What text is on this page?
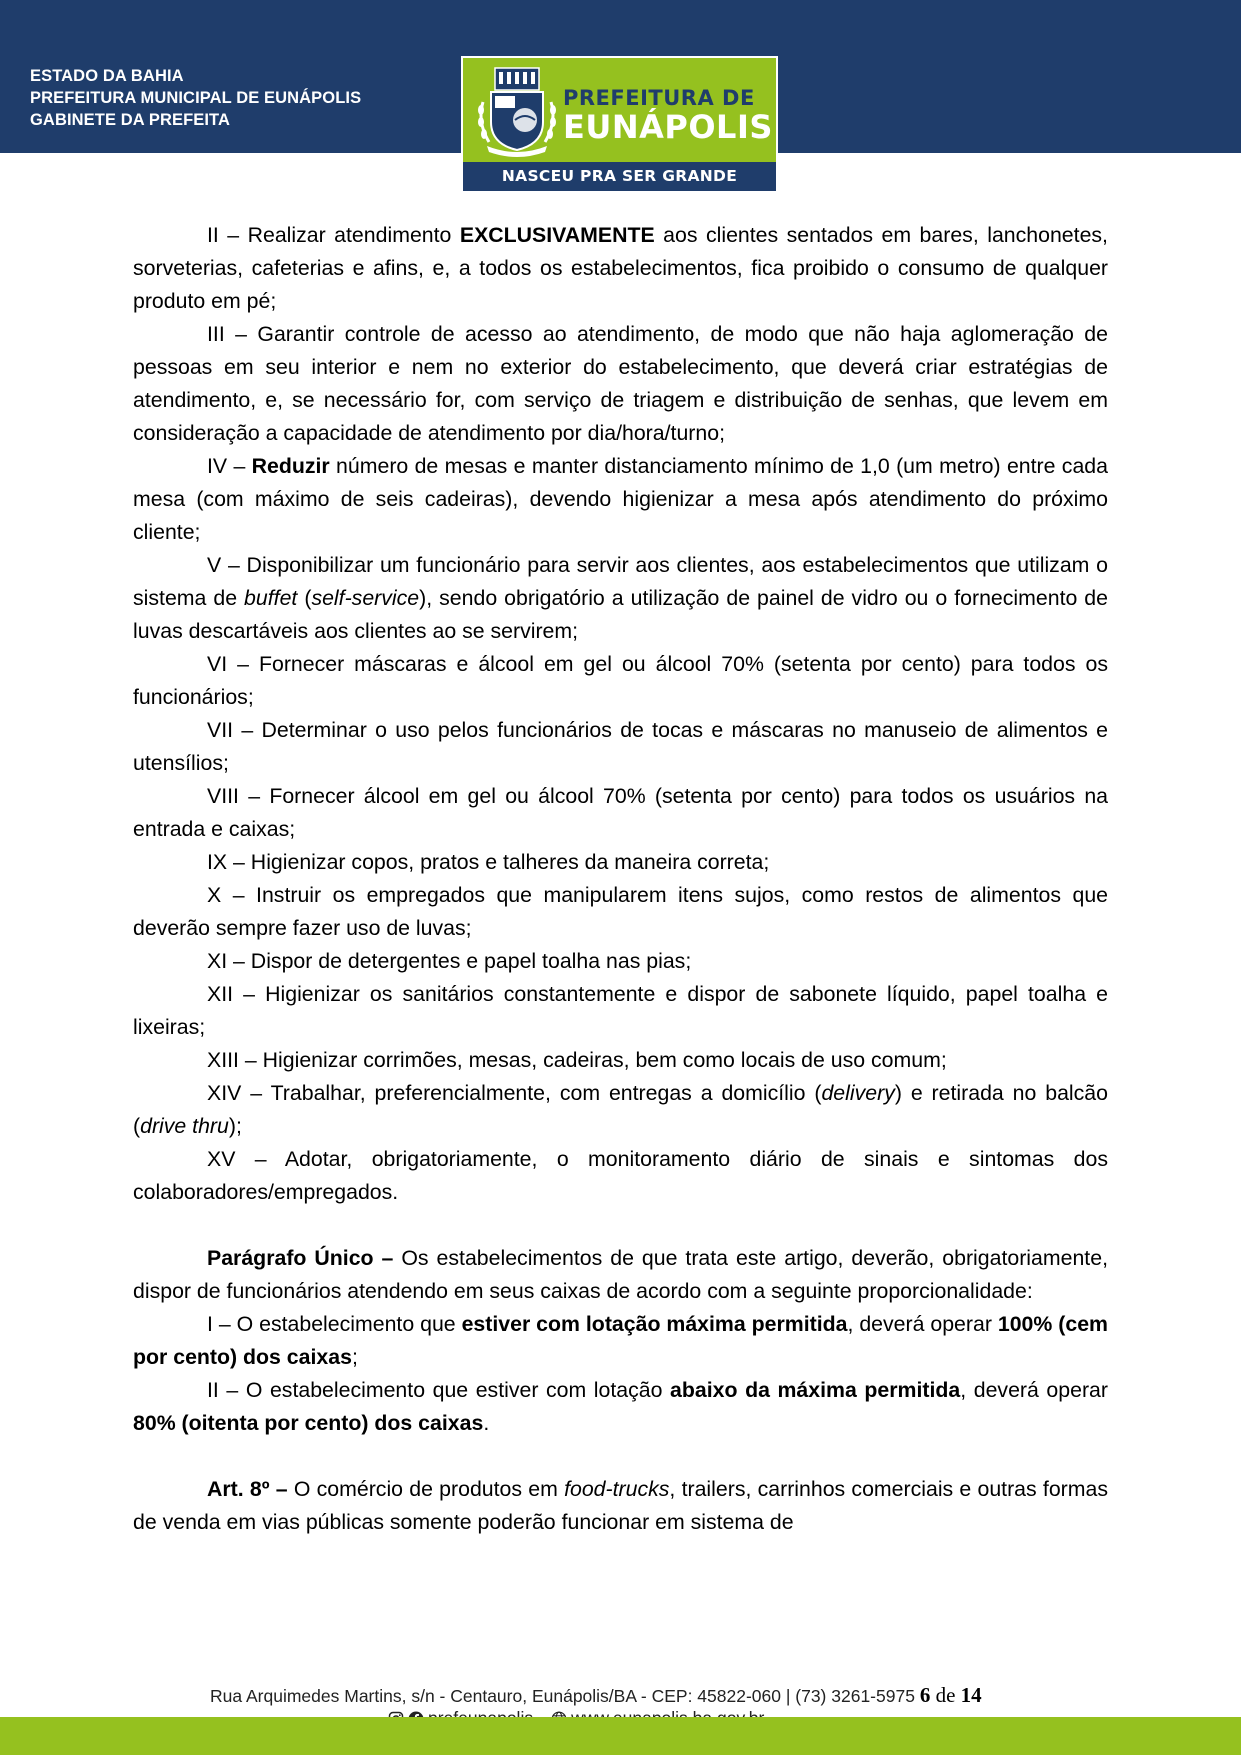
ESTADO DA BAHIA
PREFEITURA MUNICIPAL DE EUNÁPOLIS
GABINETE DA PREFEITA
PREFEITURA DE
EUNÁPOLIS
NASCEU PRA SER GRANDE

II – Realizar atendimento EXCLUSIVAMENTE aos clientes sentados em bares, lanchonetes, sorveterias, cafeterias e afins, e, a todos os estabelecimentos, fica proibido o consumo de qualquer produto em pé;

III – Garantir controle de acesso ao atendimento, de modo que não haja aglomeração de pessoas em seu interior e nem no exterior do estabelecimento, que deverá criar estratégias de atendimento, e, se necessário for, com serviço de triagem e distribuição de senhas, que levem em consideração a capacidade de atendimento por dia/hora/turno;

IV – Reduzir número de mesas e manter distanciamento mínimo de 1,0 (um metro) entre cada mesa (com máximo de seis cadeiras), devendo higienizar a mesa após atendimento do próximo cliente;

V – Disponibilizar um funcionário para servir aos clientes, aos estabelecimentos que utilizam o sistema de buffet (self-service), sendo obrigatório a utilização de painel de vidro ou o fornecimento de luvas descartáveis aos clientes ao se servirem;

VI – Fornecer máscaras e álcool em gel ou álcool 70% (setenta por cento) para todos os funcionários;

VII – Determinar o uso pelos funcionários de tocas e máscaras no manuseio de alimentos e utensílios;

VIII – Fornecer álcool em gel ou álcool 70% (setenta por cento) para todos os usuários na entrada e caixas;

IX – Higienizar copos, pratos e talheres da maneira correta;

X – Instruir os empregados que manipularem itens sujos, como restos de alimentos que deverão sempre fazer uso de luvas;

XI – Dispor de detergentes e papel toalha nas pias;

XII – Higienizar os sanitários constantemente e dispor de sabonete líquido, papel toalha e lixeiras;

XIII – Higienizar corrimões, mesas, cadeiras, bem como locais de uso comum;

XIV – Trabalhar, preferencialmente, com entregas a domicílio (delivery) e retirada no balcão (drive thru);

XV – Adotar, obrigatoriamente, o monitoramento diário de sinais e sintomas dos colaboradores/empregados.

Parágrafo Único – Os estabelecimentos de que trata este artigo, deverão, obrigatoriamente, dispor de funcionários atendendo em seus caixas de acordo com a seguinte proporcionalidade:

I – O estabelecimento que estiver com lotação máxima permitida, deverá operar 100% (cem por cento) dos caixas;

II – O estabelecimento que estiver com lotação abaixo da máxima permitida, deverá operar 80% (oitenta por cento) dos caixas.

Art. 8º – O comércio de produtos em food-trucks, trailers, carrinhos comerciais e outras formas de venda em vias públicas somente poderão funcionar em sistema de

Rua Arquimedes Martins, s/n - Centauro, Eunápolis/BA - CEP: 45822-060 | (73) 3261-5975 6 de 14
